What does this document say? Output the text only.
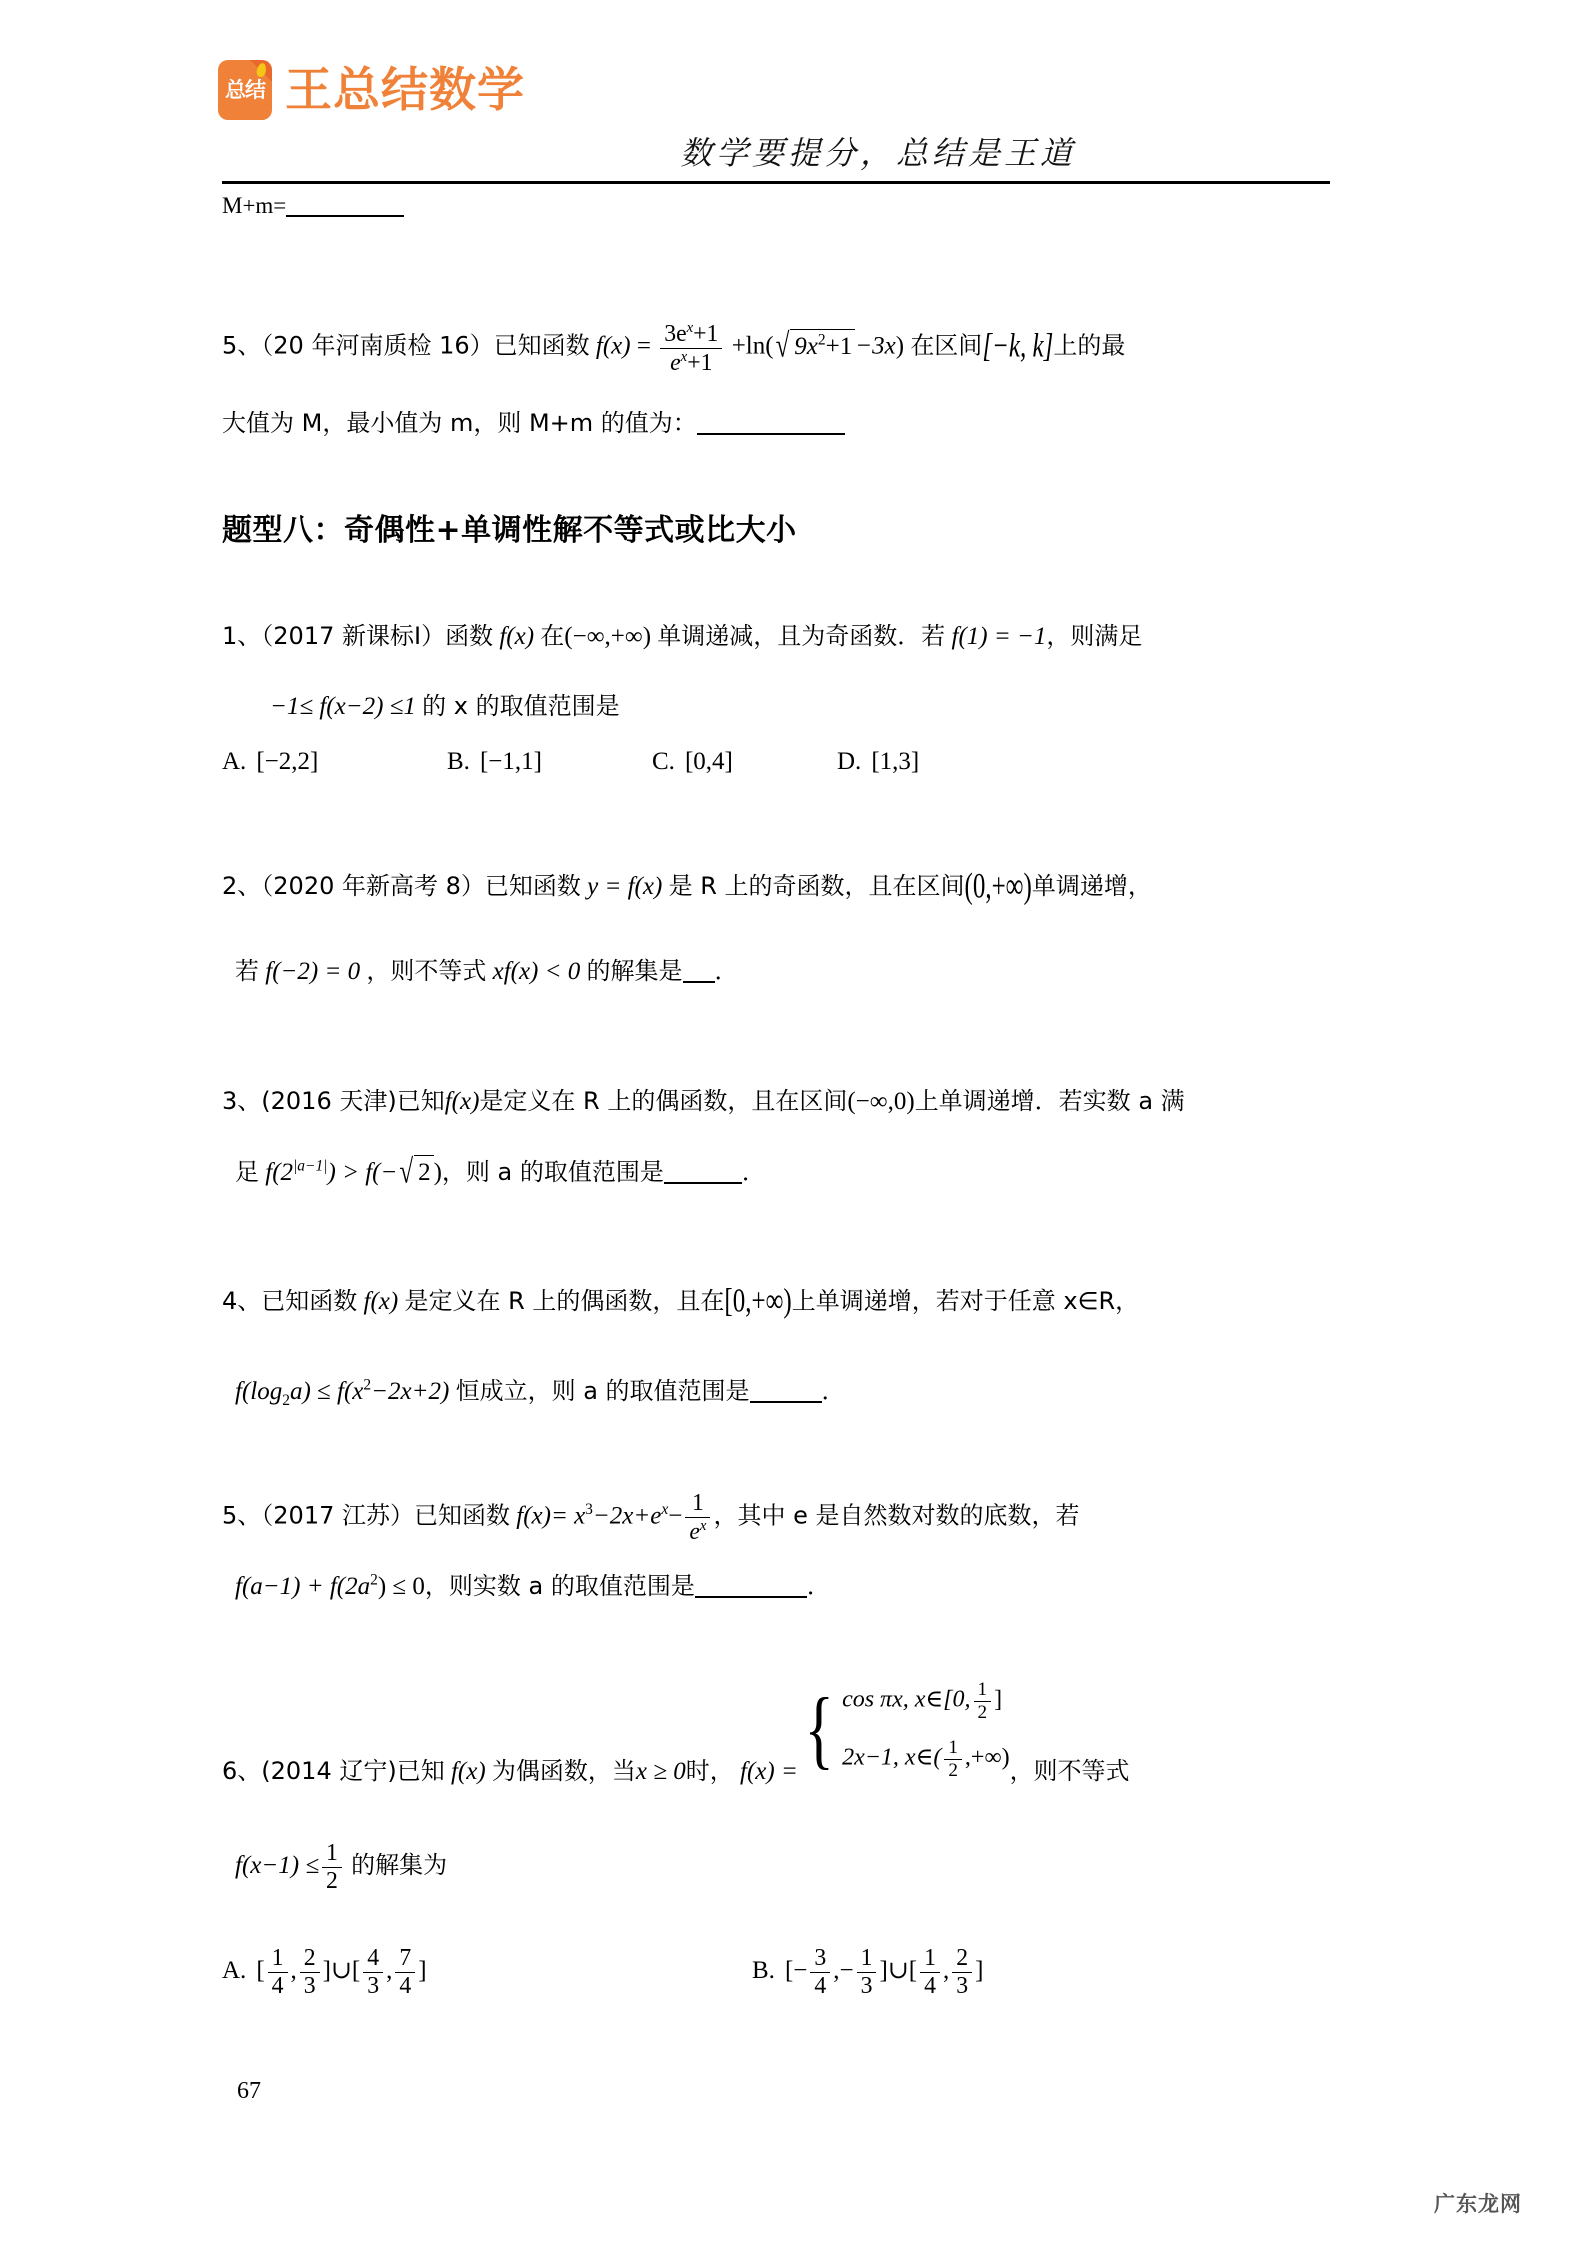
总结 王总结数学
数学要提分，总结是王道
M+m=
5、（20 年河南质检 16）已知函数 $f(x) = \frac{3e^x+1}{e^x+1} +\ln(√$ $9x^2+1 -3x$) 在区间[−k, k]上的最
大值为 M，最小值为 m，则 M+m 的值为：
题型八：奇偶性+单调性解不等式或比大小
1、（2017 新课标Ⅰ）函数 f(x) 在(−∞,+∞) 单调递减，且为奇函数．若 f(1) = −1，则满足
−1≤ f(x−2) ≤1 的 x 的取值范围是
A. [−2,2]	B. [−1,1]	C. [0,4]	D. [1,3]
2、（2020 年新高考 8）已知函数 y = f(x) 是 R 上的奇函数，且在区间(0,+∞)单调递增，
若 f(−2) = 0 ，则不等式 xf(x) < 0 的解集是 ．
3、(2016 天津)已知f(x)是定义在 R 上的偶函数，且在区间(−∞,0)上单调递增．若实数 a 满
足 $f(2^{|a-1|}) > f(-√$ 2 )，则 a 的取值范围是	．
4、已知函数 f(x) 是定义在 R 上的偶函数，且在[0,+∞)上单调递增，若对于任意 x∈R，
$f(\log_2a) \le f(x^2-2x+2)$ 恒成立，则 a 的取值范围是	．
5、（2017 江苏）已知函数 $f(x)= x^3-2x+e^x- \frac{1}{e^x}$ ，其中 e 是自然数对数的底数，若
$f(a-1) + f(2a^2) \le 0$，则实数 a 的取值范围是	．
6、(2014 辽宁)已知 f(x) 为偶函数，当x ≥ 0时， f(x) = { cos πx, x∈[0, $\frac{1}{2}$ ]
2x−1, x∈( $\frac{1}{2}$ ,+∞) ，则不等式
$f(x-1) \le \frac{1}{2}$ 的解集为
A. [ $\frac{1}{4}$ , $\frac{2}{3}$ ]∪[ $\frac{4}{3}$ , $\frac{7}{4}$ ]	B. [− $\frac{3}{4}$ ,− $\frac{1}{3}$ ]∪[ $\frac{1}{4}$ , $\frac{2}{3}$ ]
67
广东龙网
